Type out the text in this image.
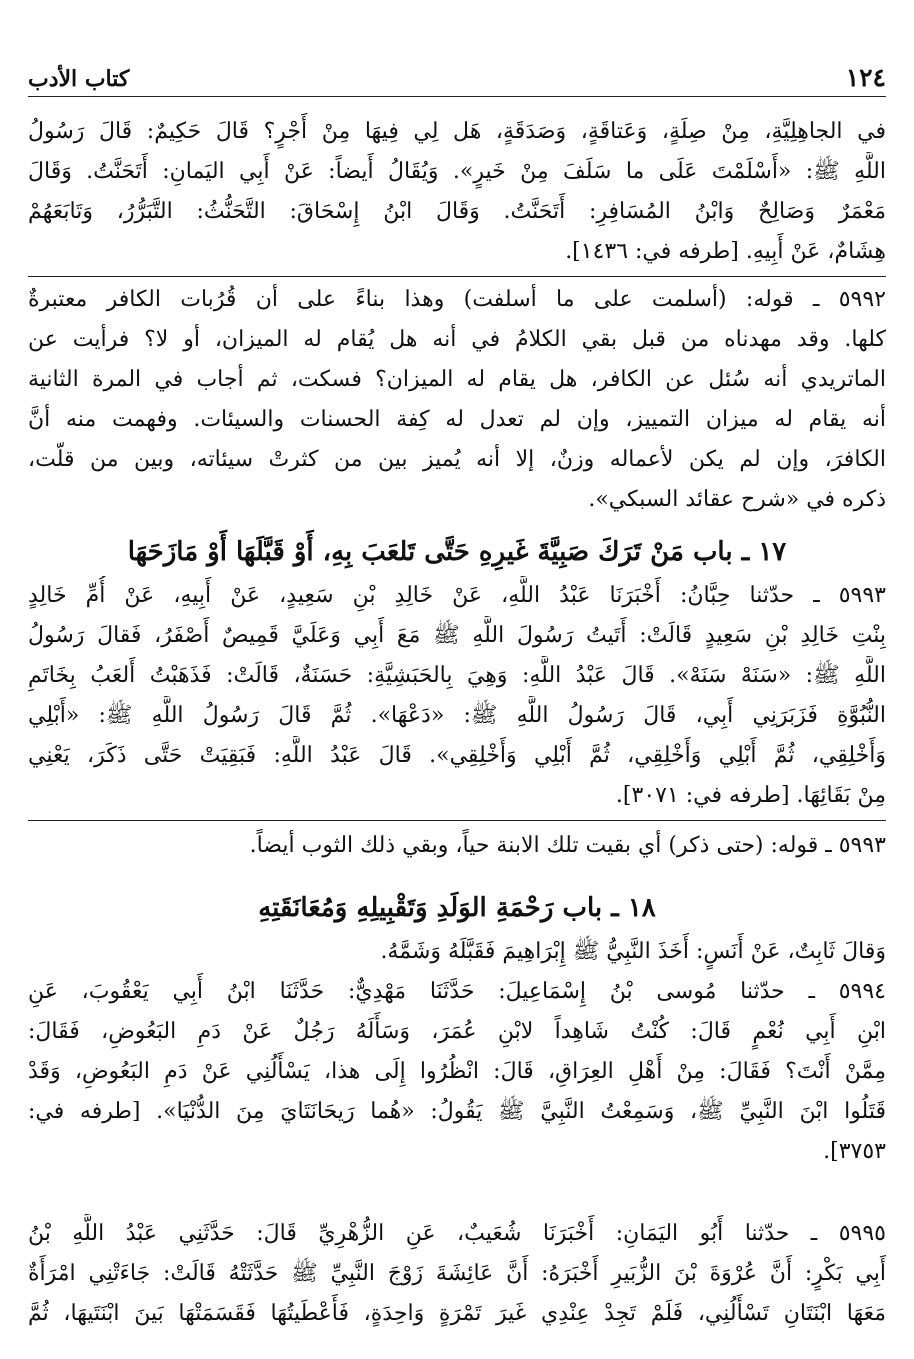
١٢٤
كتاب الأدب
في الجاهِلِيَّةِ، مِنْ صِلَةٍ، وَعَتاقَةٍ، وَصَدَقَةٍ، هَل لِي فِيهَا مِنْ أَجْرٍ؟ قَالَ حَكِيمٌ: قَالَ رَسُولُ
اللَّهِ ﷺ: «أَسْلَمْتَ عَلَى ما سَلَفَ مِنْ خَيرٍ». وَيُقَالُ أَيضاً: عَنْ أَبِي اليَمانِ: أَتَحَنَّتُ. وَقَالَ
مَعْمَرٌ وَصَالِحٌ وَابْنُ المُسَافِرِ: أَتَحَنَّتُ. وَقَالَ ابْنُ إِسْحَاقَ: التَّحَنُّثُ: التَّبَرُّرُ، وَتَابَعَهُمْ
هِشَامٌ، عَنْ أَبِيهِ. [طرفه في: ١٤٣٦].
٥٩٩٢ ـ قوله: (أسلمت على ما أسلفت) وهذا بناءً على أن قُرُبات الكافر معتبرةٌ
كلها. وقد مهدناه من قبل بقي الكلامُ في أنه هل يُقام له الميزان، أو لا؟ فرأيت عن
الماتريدي أنه سُئل عن الكافر، هل يقام له الميزان؟ فسكت، ثم أجاب في المرة الثانية
أنه يقام له ميزان التمييز، وإن لم تعدل له كِفة الحسنات والسيئات. وفهمت منه أنَّ
الكافرَ، وإن لم يكن لأعماله وزنٌ، إلا أنه يُميز بين من كثرتْ سيئاته، وبين من قلّت،
ذكره في «شرح عقائد السبكي».
١٧ ـ باب مَنْ تَرَكَ صَبِيَّةَ غَيرِهِ حَتَّى تَلعَبَ بِهِ، أَوْ قَبَّلَهَا أَوْ مَازَحَهَا
٥٩٩٣ ـ حدّثنا حِبَّانُ: أَخْبَرَنَا عَبْدُ اللَّهِ، عَنْ خَالِدِ بْنِ سَعِيدٍ، عَنْ أَبِيهِ، عَنْ أُمِّ خَالِدٍ
بِنْتِ خَالِدِ بْنِ سَعِيدٍ قَالَتْ: أَتَيتُ رَسُولَ اللَّهِ ﷺ مَعَ أَبِي وَعَلَيَّ قَمِيصٌ أَصْفَرُ، فَقالَ رَسُولُ
اللَّهِ ﷺ: «سَنَهْ سَنَهْ». قَالَ عَبْدُ اللَّهِ: وَهِيَ بِالحَبَشِيَّةِ: حَسَنَةٌ، قَالَتْ: فَذَهَبْتُ أَلعَبُ بِخَاتَمِ
النُّبُوَّةِ فَزَبَرَنِي أَبِي، قَالَ رَسُولُ اللَّهِ ﷺ: «دَعْهَا». ثُمَّ قَالَ رَسُولُ اللَّهِ ﷺ: «أَبْلِي
وَأَخْلِقِي، ثُمَّ أَبْلِي وَأَخْلِقِي، ثُمَّ أَبْلِي وَأَخْلِقِي». قَالَ عَبْدُ اللَّهِ: فَبَقِيَتْ حَتَّى ذَكَرَ، يَعْنِي
مِنْ بَقَائِهَا. [طرفه في: ٣٠٧١].
٥٩٩٣ ـ قوله: (حتى ذكر) أي بقيت تلك الابنة حياً، وبقي ذلك الثوب أيضاً.
١٨ ـ باب رَحْمَةِ الوَلَدِ وَتَقْبِيلِهِ وَمُعَانَقَتِهِ
وَقالَ ثَابِتٌ، عَنْ أَنَسٍ: أَخَذَ النَّبِيُّ ﷺ إِبْرَاهِيمَ فَقَبَّلَهُ وَشَمَّهُ.
٥٩٩٤ ـ حدّثنا مُوسى بْنُ إِسْمَاعِيلَ: حَدَّثَنَا مَهْدِيٌّ: حَدَّثَنَا ابْنُ أَبِي يَعْقُوبَ، عَنِ
ابْنِ أَبِي نُعْمٍ قَالَ: كُنْتُ شَاهِداً لابْنِ عُمَرَ، وَسَأَلَهُ رَجُلٌ عَنْ دَمِ البَعُوضِ، فَقَالَ:
مِمَّنْ أَنْتَ؟ فَقَالَ: مِنْ أَهْلِ العِرَاقِ، قَالَ: انْظُرُوا إِلَى هذا، يَسْأَلُنِي عَنْ دَمِ البَعُوضِ، وَقَدْ
قَتَلُوا ابْنَ النَّبِيِّ ﷺ، وَسَمِعْتُ النَّبِيَّ ﷺ يَقُولُ: «هُما رَيحَانَتَايَ مِنَ الدُّنْيَا». [طرفه في:
٣٧٥٣].
٥٩٩٥ ـ حدّثنا أَبُو اليَمَانِ: أَخْبَرَنَا شُعَيبٌ، عَنِ الزُّهْرِيِّ قَالَ: حَدَّثَنِي عَبْدُ اللَّهِ بْنُ
أَبِي بَكْرٍ: أَنَّ عُرْوَةَ بْنَ الزُّبَيرِ أَخْبَرَهُ: أَنَّ عَائِشَةَ زَوْجَ النَّبِيِّ ﷺ حَدَّثَتْهُ قَالَتْ: جَاءَتْنِي امْرَأَةٌ
مَعَهَا ابْنَتَانِ تَسْأَلُنِي، فَلَمْ تَجِدْ عِنْدِي غَيرَ تَمْرَةٍ وَاحِدَةٍ، فَأَعْطَيتُهَا فَقَسَمَتْهَا بَينَ ابْنَتَيهَا، ثُمَّ
